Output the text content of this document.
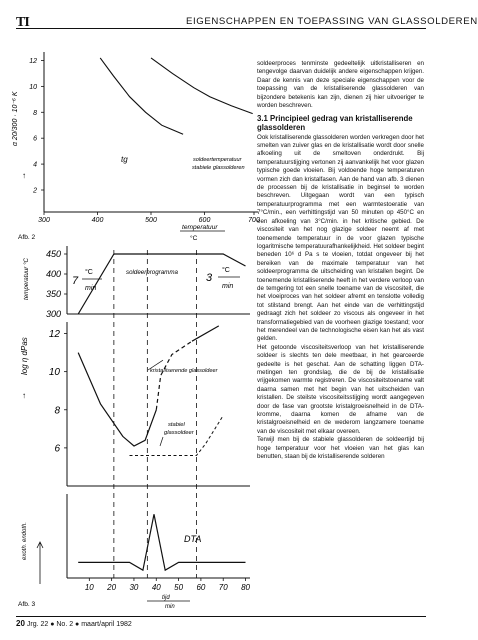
TI	EIGENSCHAPPEN EN TOEPASSING VAN GLASSOLDEREN
2
4
6
8
10
12
300	400	500	600	700
α 20/300 · 10⁻⁶ K
↑
tg	soldeertemperatuur
stabiele glassolderen
temperatuur
°C
Afb. 2
300
350
400
450
temperatuur °C	soldeerprogramma
7
°C
min
3
°C
min
6
8
10
12
log η dPas
↑
kristalliserende glassoldeer
stabiel
glassoldeer
10 20 30 40 50 60 70 80
exoth. endoth.	DTA
tijd
min
Afb. 3

soldeerproces tenminste gedeeltelijk uitkristalliseren en tengevolge daarvan duidelijk andere eigenschappen krijgen. Daar de kennis van deze speciale eigenschappen voor de toepassing van de kristalliserende glassolderen van bijzondere betekenis kan zijn, dienen zij hier uitvoeriger te worden beschreven.

3.1 Principieel gedrag van kristalliserende glassolderen

Ook kristalliserende glassolderen worden verkregen door het smelten van zuiver glas en de kristallisatie wordt door snelle afkoeling uit de smeltoven onderdrukt. Bij temperatuurstijging vertonen zij aanvankelijk het voor glazen typische goede vloeien. Bij voldoende hoge temperaturen vormen zich dan kristalfasen. Aan de hand van afb. 3 dienen de processen bij de kristallisatie in beginsel te worden beschreven. Uitgegaan wordt van een typisch temperatuurprogramma met een warmtestoeratie van 7°C/min., een verhittingstijd van 50 minuten op 450°C en een afkoeling van 3°C/min. in het kritische gebied. De viscositeit van het nog glazige soldeer neemt af met toenemende temperatuur in de voor glazen typische logaritmische temperatuurafhankelijkheid. Het soldeer begint beneden 10⁶ d Pa s te vloeien, totdat ongeveer bij het bereiken van de maximale temperatuur van het soldeerprogramma de uitscheiding van kristallen begint. De toenemende kristalliserende heeft in het verdere verloop van de temgering tot een snelle toename van de viscositeit, die het vloeiproces van het soldeer afremt en tenslotte volledig tot stilstand brengt. Aan het einde van de verhittingstijd gedraagt zich het soldeer zo viscous als ongeveer in het transformatiegebied van de voorheen glazige toestand; voor het merendeel van de technologische eisen kan het als vast gelden.

Het getoonde viscositeitsverloop van het kristalliserende soldeer is slechts ten dele meetbaar, in het gearceerde gedeelte is het geschat. Aan de schatting liggen DTA-metingen ten grondslag, die de bij de kristallisatie vrijgekomen warmte registreren. De viscositeitstoename valt daarna samen met het begin van het uitscheiden van kristallen. De steilste viscositeitsstijging wordt aangegeven door de fase van grootste kristalgroeisnelheid in de DTA-kromme, daarna komen de afname van de kristalgroeisnelheid en de wederom langzamere toename van de viscositeit met elkaar overeen.

Terwijl men bij de stabiele glassolderen de soldeertijd bij hoge temperatuur voor het vloeien van het glas kan benutten, staan bij de kristalliserende solderen

20 Jrg. 22 ● No. 2 ● maart/april 1982
